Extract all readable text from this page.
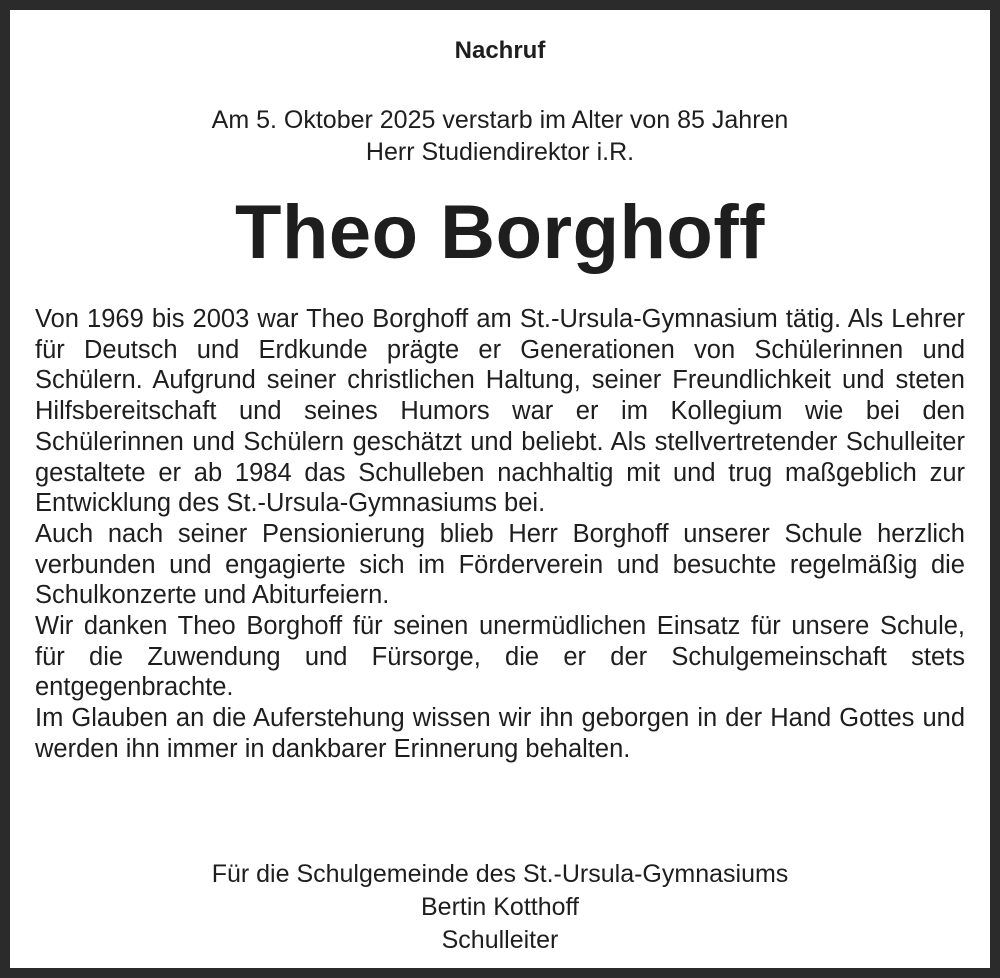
Nachruf
Am 5. Oktober 2025 verstarb im Alter von 85 Jahren
Herr Studiendirektor i.R.
Theo Borghoff

Von 1969 bis 2003 war Theo Borghoff am St.-Ursula-Gymnasium tätig. Als Lehrer für Deutsch und Erdkunde prägte er Generationen von Schülerinnen und Schülern. Aufgrund seiner christlichen Haltung, seiner Freundlichkeit und steten Hilfsbereitschaft und seines Humors war er im Kollegium wie bei den Schülerinnen und Schülern geschätzt und beliebt. Als stellvertretender Schulleiter gestaltete er ab 1984 das Schulleben nachhaltig mit und trug maßgeblich zur Entwicklung des St.-Ursula-Gymnasiums bei.

Auch nach seiner Pensionierung blieb Herr Borghoff unserer Schule herzlich verbunden und engagierte sich im Förderverein und besuchte regelmäßig die Schulkonzerte und Abiturfeiern.

Wir danken Theo Borghoff für seinen unermüdlichen Einsatz für unsere Schule, für die Zuwendung und Fürsorge, die er der Schulgemeinschaft stets entgegenbrachte.

Im Glauben an die Auferstehung wissen wir ihn geborgen in der Hand Gottes und werden ihn immer in dankbarer Erinnerung behalten.

Für die Schulgemeinde des St.-Ursula-Gymnasiums
Bertin Kotthoff
Schulleiter
